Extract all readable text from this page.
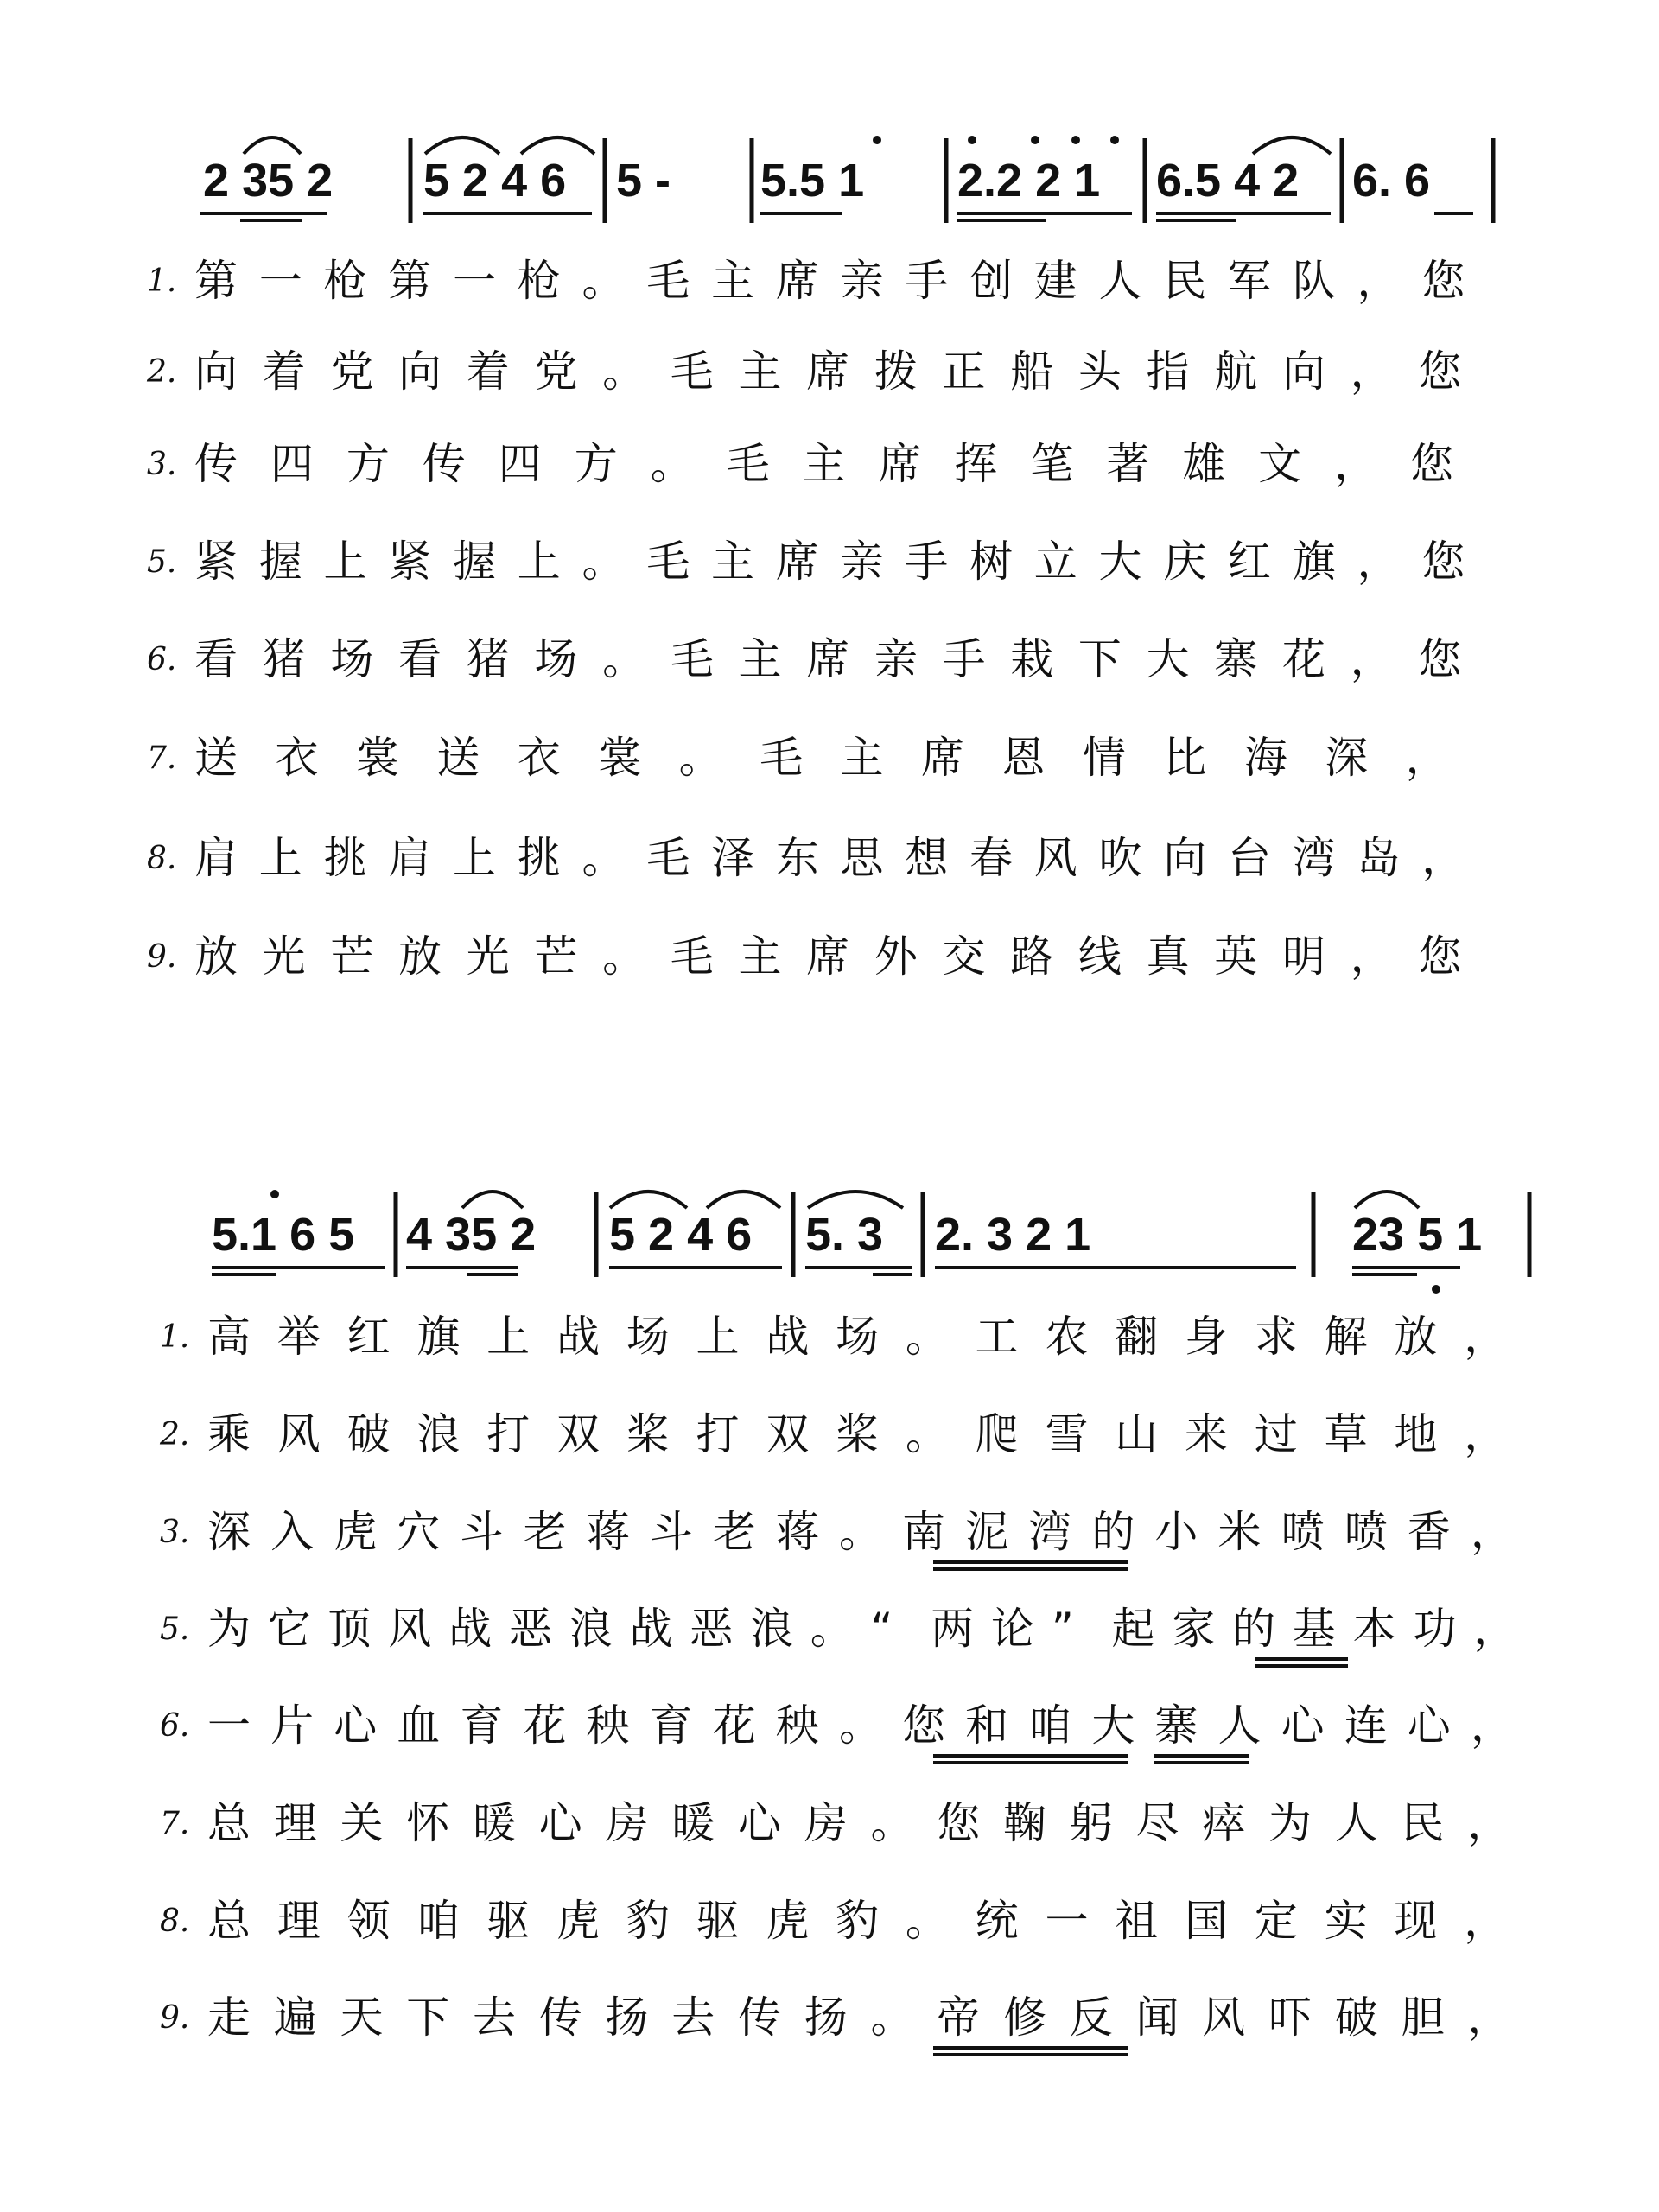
2 35 2 5 2 4 6 5 - 5.5 1 2.2 2 1 6.5 4 2 6. 6
1. 第 一 枪 第 一 枪 。 毛 主 席 亲 手 创 建 人 民 军 队 ， 您
2. 向 着 党 向 着 党 。 毛 主 席 拨 正 船 头 指 航 向 ， 您
3. 传 四 方 传 四 方 。 毛 主 席 挥 笔 著 雄 文 ， 您
5. 紧 握 上 紧 握 上 。 毛 主 席 亲 手 树 立 大 庆 红 旗 ， 您
6. 看 猪 场 看 猪 场 。 毛 主 席 亲 手 栽 下 大 寨 花 ， 您
7. 送 衣 裳 送 衣 裳 。 毛 主 席 恩 情 比 海 深 ，
8. 肩 上 挑 肩 上 挑 。 毛 泽 东 思 想 春 风 吹 向 台 湾 岛 ，
9. 放 光 芒 放 光 芒 。 毛 主 席 外 交 路 线 真 英 明 ， 您
5.1 6 5 4 35 2 5 2 4 6 5. 3 2. 3 2 1	23 5 1
1. 高 举 红 旗 上 战 场 上 战 场 。 工 农 翻 身 求 解 放 ，
2. 乘 风 破 浪 打 双 桨 打 双 桨 。 爬 雪 山 来 过 草 地 ，
3. 深 入 虎 穴 斗 老 蒋 斗 老 蒋 。 南 泥 湾 的 小 米 喷 喷 香 ，
5. 为 它 顶 风 战 恶 浪 战 恶 浪 。 “ 两 论 ” 起 家 的 基 本 功 ，
6. 一 片 心 血 育 花 秧 育 花 秧 。 您 和 咱 大 寨 人 心 连 心 ，
7. 总 理 关 怀 暖 心 房 暖 心 房 。 您 鞠 躬 尽 瘁 为 人 民 ，
8. 总 理 领 咱 驱 虎 豹 驱 虎 豹 。 统 一 祖 国 定 实 现 ，
9. 走 遍 天 下 去 传 扬 去 传 扬 。 帝 修 反 闻 风 吓 破 胆 ，
